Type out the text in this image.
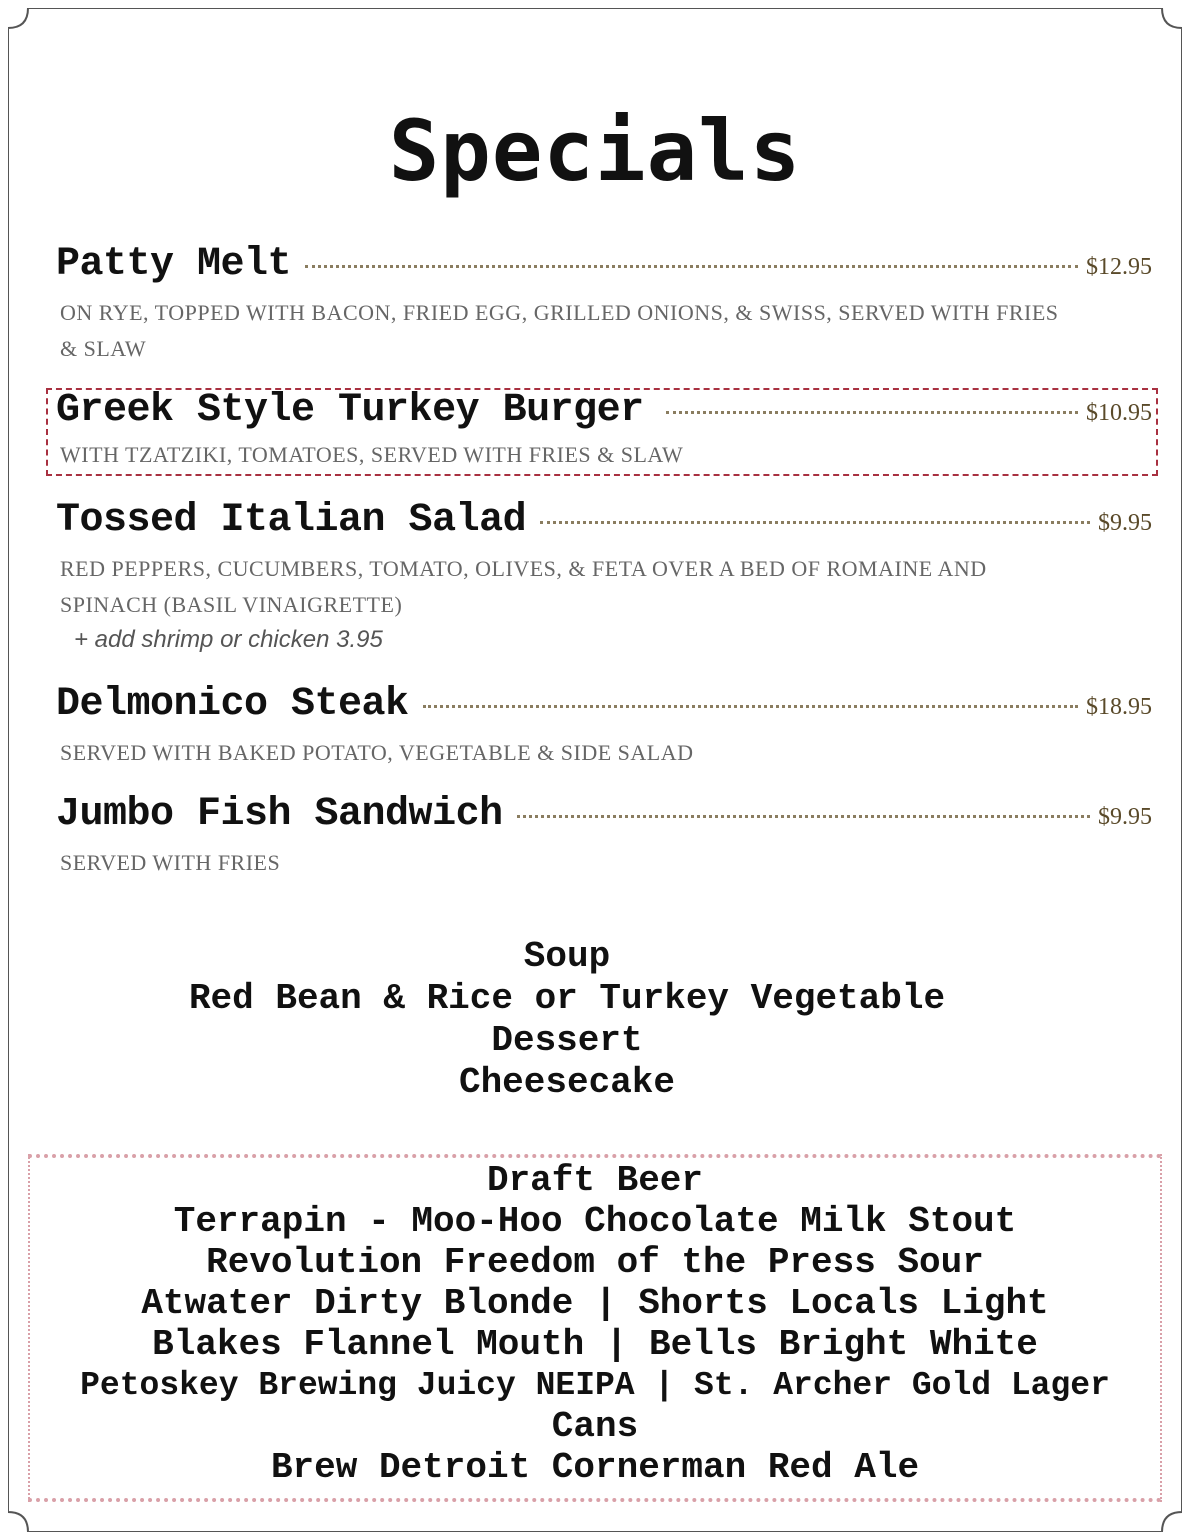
Specials
Patty Melt	$12.95
ON RYE, TOPPED WITH BACON, FRIED EGG, GRILLED ONIONS, & SWISS, SERVED WITH FRIES & SLAW
Greek Style Turkey Burger	$10.95
WITH TZATZIKI, TOMATOES, SERVED WITH FRIES & SLAW
Tossed Italian Salad	$9.95
RED PEPPERS, CUCUMBERS, TOMATO, OLIVES, & FETA OVER A BED OF ROMAINE AND SPINACH (BASIL VINAIGRETTE)
+ add shrimp or chicken 3.95
Delmonico Steak	$18.95
SERVED WITH BAKED POTATO, VEGETABLE & SIDE SALAD
Jumbo Fish Sandwich	$9.95
SERVED WITH FRIES
Soup
Red Bean & Rice or Turkey Vegetable
Dessert
Cheesecake
Draft Beer
Terrapin - Moo-Hoo Chocolate Milk Stout
Revolution Freedom of the Press Sour
Atwater Dirty Blonde | Shorts Locals Light
Blakes Flannel Mouth | Bells Bright White
Petoskey Brewing Juicy NEIPA | St. Archer Gold Lager
Cans
Brew Detroit Cornerman Red Ale
